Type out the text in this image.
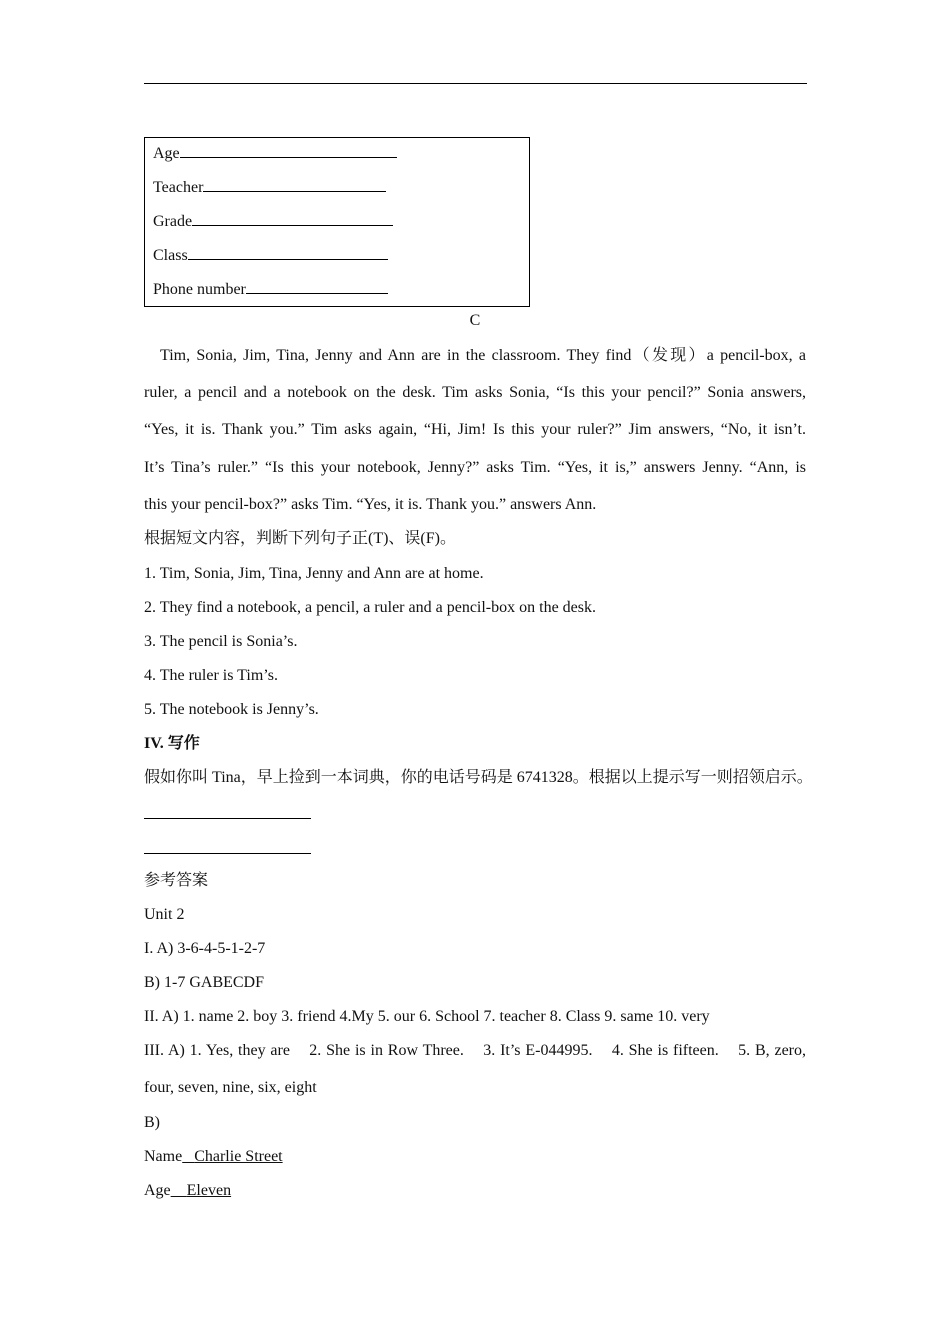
Age
Teacher
Grade
Class
Phone number
C
Tim, Sonia, Jim, Tina, Jenny and Ann are in the classroom. They find（发现）a pencil-box, a
ruler, a pencil and a notebook on the desk. Tim asks Sonia, “Is this your pencil?” Sonia answers,
“Yes, it is. Thank you.” Tim asks again, “Hi, Jim! Is this your ruler?” Jim answers, “No, it isn’t.
It’s Tina’s ruler.” “Is this your notebook, Jenny?” asks Tim. “Yes, it is,” answers Jenny. “Ann, is
this your pencil-box?” asks Tim. “Yes, it is. Thank you.” answers Ann.
根据短文内容，判断下列句子正(T)、误(F)。
1. Tim, Sonia, Jim, Tina, Jenny and Ann are at home.
2. They find a notebook, a pencil, a ruler and a pencil-box on the desk.
3. The pencil is Sonia’s.
4. The ruler is Tim’s.
5. The notebook is Jenny’s.
IV. 写作
假如你叫 Tina，早上捡到一本词典，你的电话号码是 6741328。根据以上提示写一则招领启示。
参考答案
Unit 2
I. A) 3-6-4-5-1-2-7
B) 1-7 GABECDF
II. A) 1. name 2. boy 3. friend 4.My 5. our 6. School 7. teacher 8. Class 9. same 10. very
III. A) 1. Yes, they are    2. She is in Row Three.    3. It’s E-044995.    4. She is fifteen.    5. B, zero,
four, seven, nine, six, eight
B)
Name Charlie Street
Age Eleven
